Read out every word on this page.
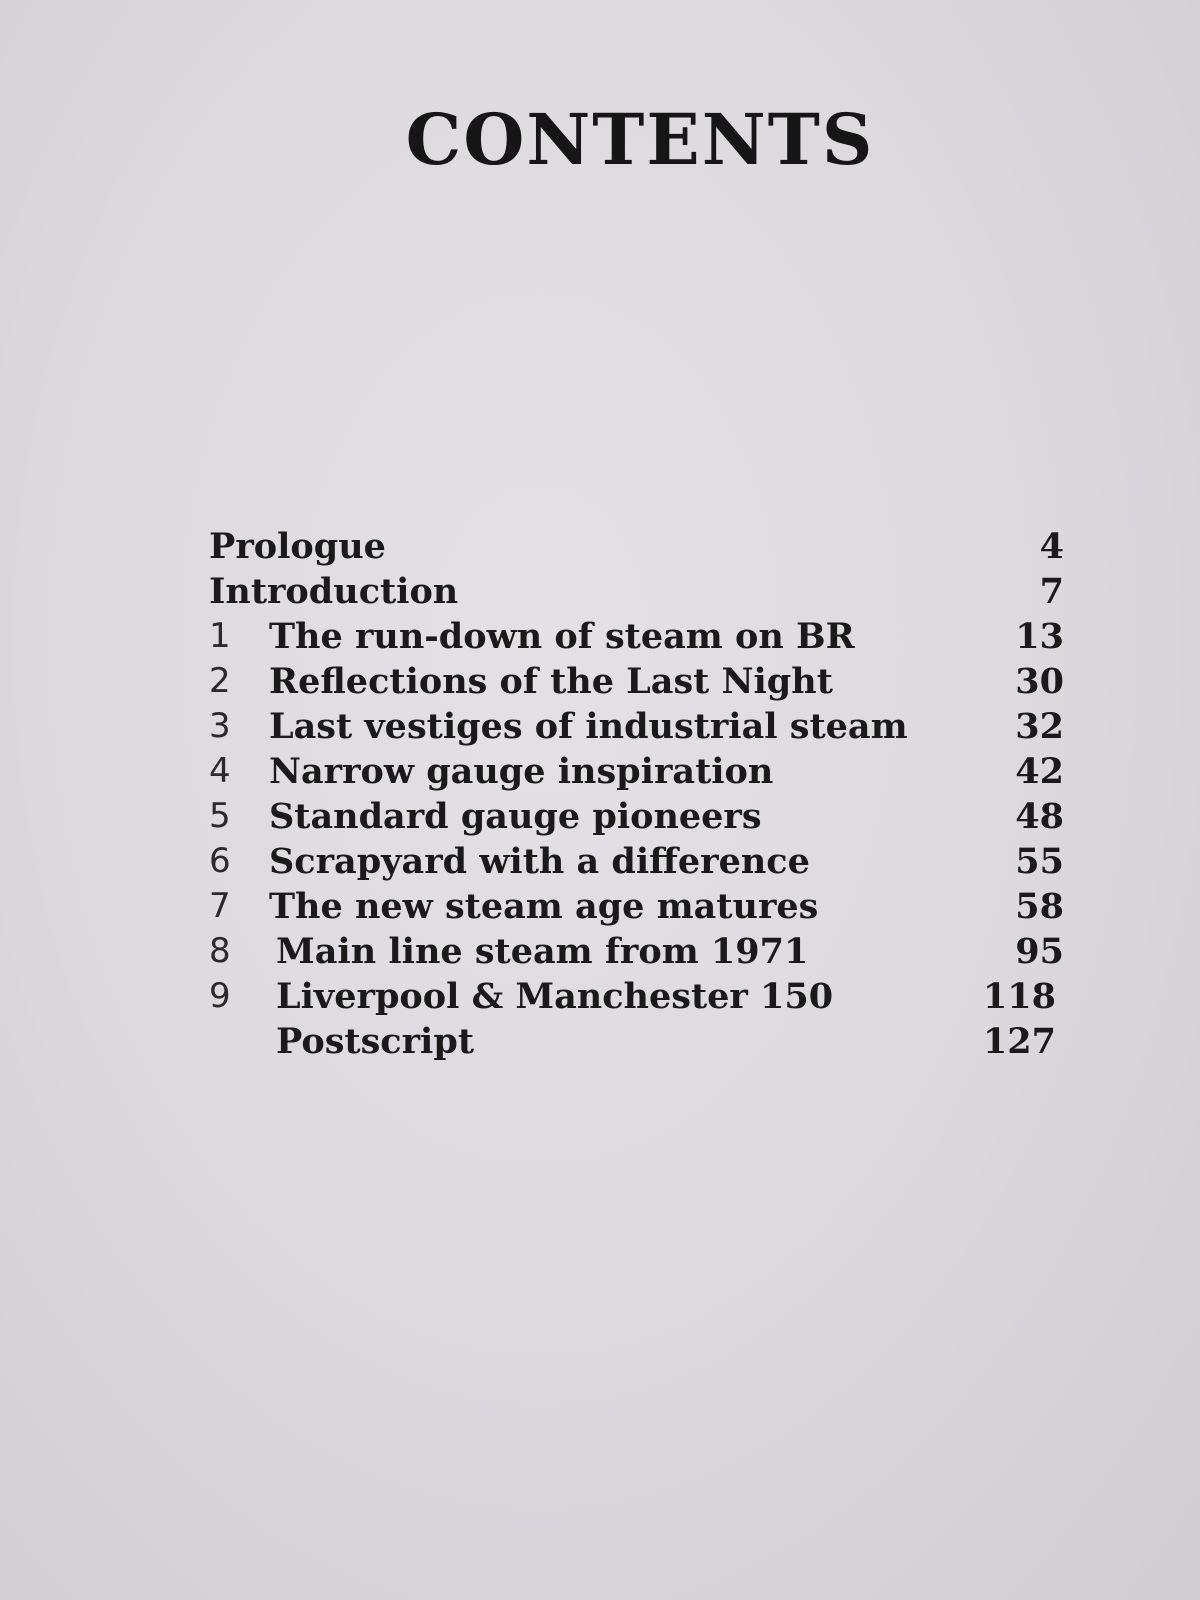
CONTENTS
Prologue	4
Introduction	7
1	The run-down of steam on BR	13
2	Reflections of the Last Night	30
3	Last vestiges of industrial steam	32
4	Narrow gauge inspiration	42
5	Standard gauge pioneers	48
6	Scrapyard with a difference	55
7	The new steam age matures	58
8	Main line steam from 1971	95
9	Liverpool & Manchester 150	118
Postscript	127
